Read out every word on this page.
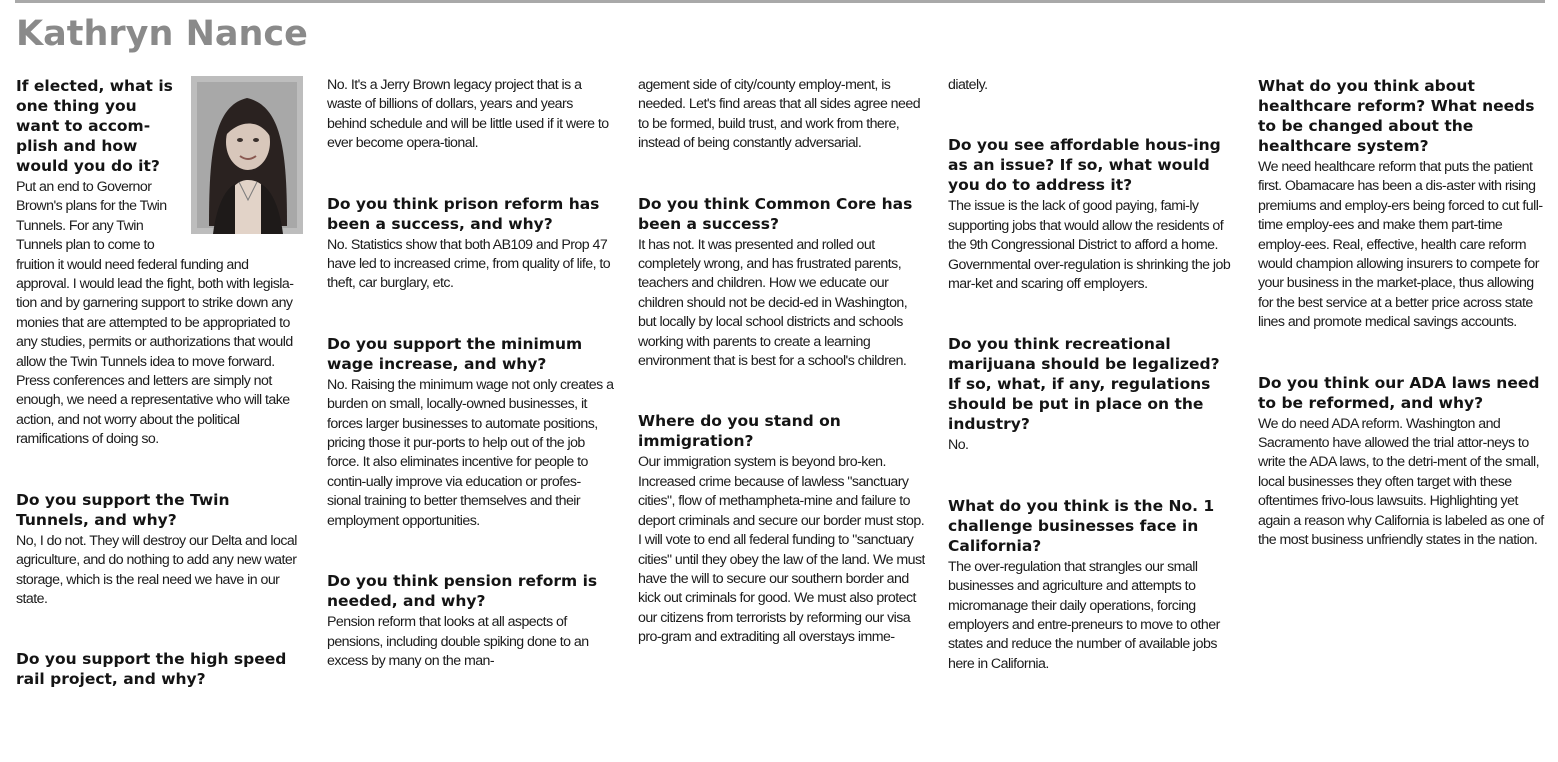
Kathryn Nance

If elected, what is one thing you want to accom-plish and how would you do it?

Put an end to Governor Brown's plans for the Twin Tunnels. For any Twin Tunnels plan to come to fruition it would need federal funding and approval. I would lead the fight, both with legisla-tion and by garnering support to strike down any monies that are attempted to be appropriated to any studies, permits or authorizations that would allow the Twin Tunnels idea to move forward. Press conferences and letters are simply not enough, we need a representative who will take action, and not worry about the political ramifications of doing so.

Do you support the Twin Tunnels, and why?

No, I do not. They will destroy our Delta and local agriculture, and do nothing to add any new water storage, which is the real need we have in our state.

Do you support the high speed rail project, and why?

No. It's a Jerry Brown legacy project that is a waste of billions of dollars, years and years behind schedule and will be little used if it were to ever become opera-tional.

Do you think prison reform has been a success, and why?

No. Statistics show that both AB109 and Prop 47 have led to increased crime, from quality of life, to theft, car burglary, etc.

Do you support the minimum wage increase, and why?

No. Raising the minimum wage not only creates a burden on small, locally-owned businesses, it forces larger businesses to automate positions, pricing those it pur-ports to help out of the job force. It also eliminates incentive for people to contin-ually improve via education or profes-sional training to better themselves and their employment opportunities.

Do you think pension reform is needed, and why?

Pension reform that looks at all aspects of pensions, including double spiking done to an excess by many on the man-

agement side of city/county employ-ment, is needed. Let's find areas that all sides agree need to be formed, build trust, and work from there, instead of being constantly adversarial.

Do you think Common Core has been a success?

It has not. It was presented and rolled out completely wrong, and has frustrated parents, teachers and children. How we educate our children should not be decid-ed in Washington, but locally by local school districts and schools working with parents to create a learning environment that is best for a school's children.

Where do you stand on immigration?

Our immigration system is beyond bro-ken. Increased crime because of lawless "sanctuary cities", flow of methampheta-mine and failure to deport criminals and secure our border must stop. I will vote to end all federal funding to "sanctuary cities" until they obey the law of the land. We must have the will to secure our southern border and kick out criminals for good. We must also protect our citizens from terrorists by reforming our visa pro-gram and extraditing all overstays imme-

diately.

Do you see affordable hous-ing as an issue? If so, what would you do to address it?

The issue is the lack of good paying, fami-ly supporting jobs that would allow the residents of the 9th Congressional District to afford a home. Governmental over-regulation is shrinking the job mar-ket and scaring off employers.

Do you think recreational marijuana should be legalized? If so, what, if any, regulations should be put in place on the industry?

No.

What do you think is the No. 1 challenge businesses face in California?

The over-regulation that strangles our small businesses and agriculture and attempts to micromanage their daily operations, forcing employers and entre-preneurs to move to other states and reduce the number of available jobs here in California.

What do you think about healthcare reform? What needs to be changed about the healthcare system?

We need healthcare reform that puts the patient first. Obamacare has been a dis-aster with rising premiums and employ-ers being forced to cut full-time employ-ees and make them part-time employ-ees. Real, effective, health care reform would champion allowing insurers to compete for your business in the market-place, thus allowing for the best service at a better price across state lines and promote medical savings accounts.

Do you think our ADA laws need to be reformed, and why?

We do need ADA reform. Washington and Sacramento have allowed the trial attor-neys to write the ADA laws, to the detri-ment of the small, local businesses they often target with these oftentimes frivo-lous lawsuits. Highlighting yet again a reason why California is labeled as one of the most business unfriendly states in the nation.
